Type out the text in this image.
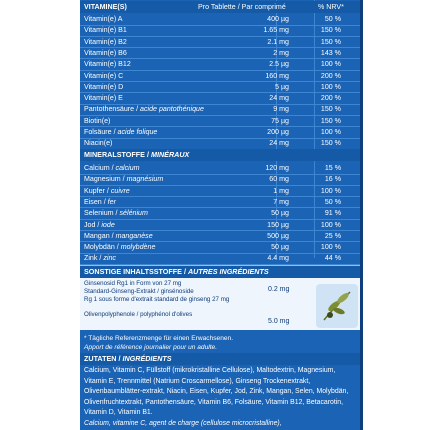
VITAMINE(S)	Pro Tablette / Par comprimé	% NRV*
Vitamin(e) A	400 µg	50 %
Vitamin(e) B1	1.65 mg	150 %
Vitamin(e) B2	2.1 mg	150 %
Vitamin(e) B6	2 mg	143 %
Vitamin(e) B12	2.5 µg	100 %
Vitamin(e) C	160 mg	200 %
Vitamin(e) D	5 µg	100 %
Vitamin(e) E	24 mg	200 %
Pantothensäure / acide pantothénique	9 mg	150 %
Biotin(e)	75 µg	150 %
Folsäure / acide folique	200 µg	100 %
Niacin(e)	24 mg	150 %
MINERALSTOFFE / MINÉRAUX
Calcium / calcium	120 mg	15 %
Magnesium / magnésium	60 mg	16 %
Kupfer / cuivre	1 mg	100 %
Eisen / fer	7 mg	50 %
Selenium / sélénium	50 µg	91 %
Jod / iode	150 µg	100 %
Mangan / manganèse	500 µg	25 %
Molybdän / molybdène	50 µg	100 %
Zink / zinc	4.4 mg	44 %
SONSTIGE INHALTSSTOFFE / AUTRES INGRÉDIENTS
Ginsenosid Rg1 in Form von 27 mg
Standard-Ginseng-Extrakt / ginsénoside
Rg 1 sous forme d'extrait standard de ginseng 27 mg
0.2 mg
Olivenpolyphenole / polyphénol d'olives
5.0 mg
* Tägliche Referenzmenge für einen Erwachsenen.
Apport de référence journalier pour un adulte.
ZUTATEN / INGRÉDIENTS
Calcium, Vitamin C, Füllstoff (mikrokristalline Cellulose), Maltodextrin, Magnesium, Vitamin E, Trennmittel (Natrium Croscarmellose), Ginseng Trockenextrakt, Olivenbaumblätter-extrakt, Niacin, Eisen, Kupfer, Jod, Zink, Mangan, Selen, Molybdän, Olivenfruchtextrakt, Pantothensäure, Vitamin B6, Folsäure, Vitamin B12, Betacarotin, Vitamin D, Vitamin B1.
Calcium, vitamine C, agent de charge (cellulose microcristalline),
